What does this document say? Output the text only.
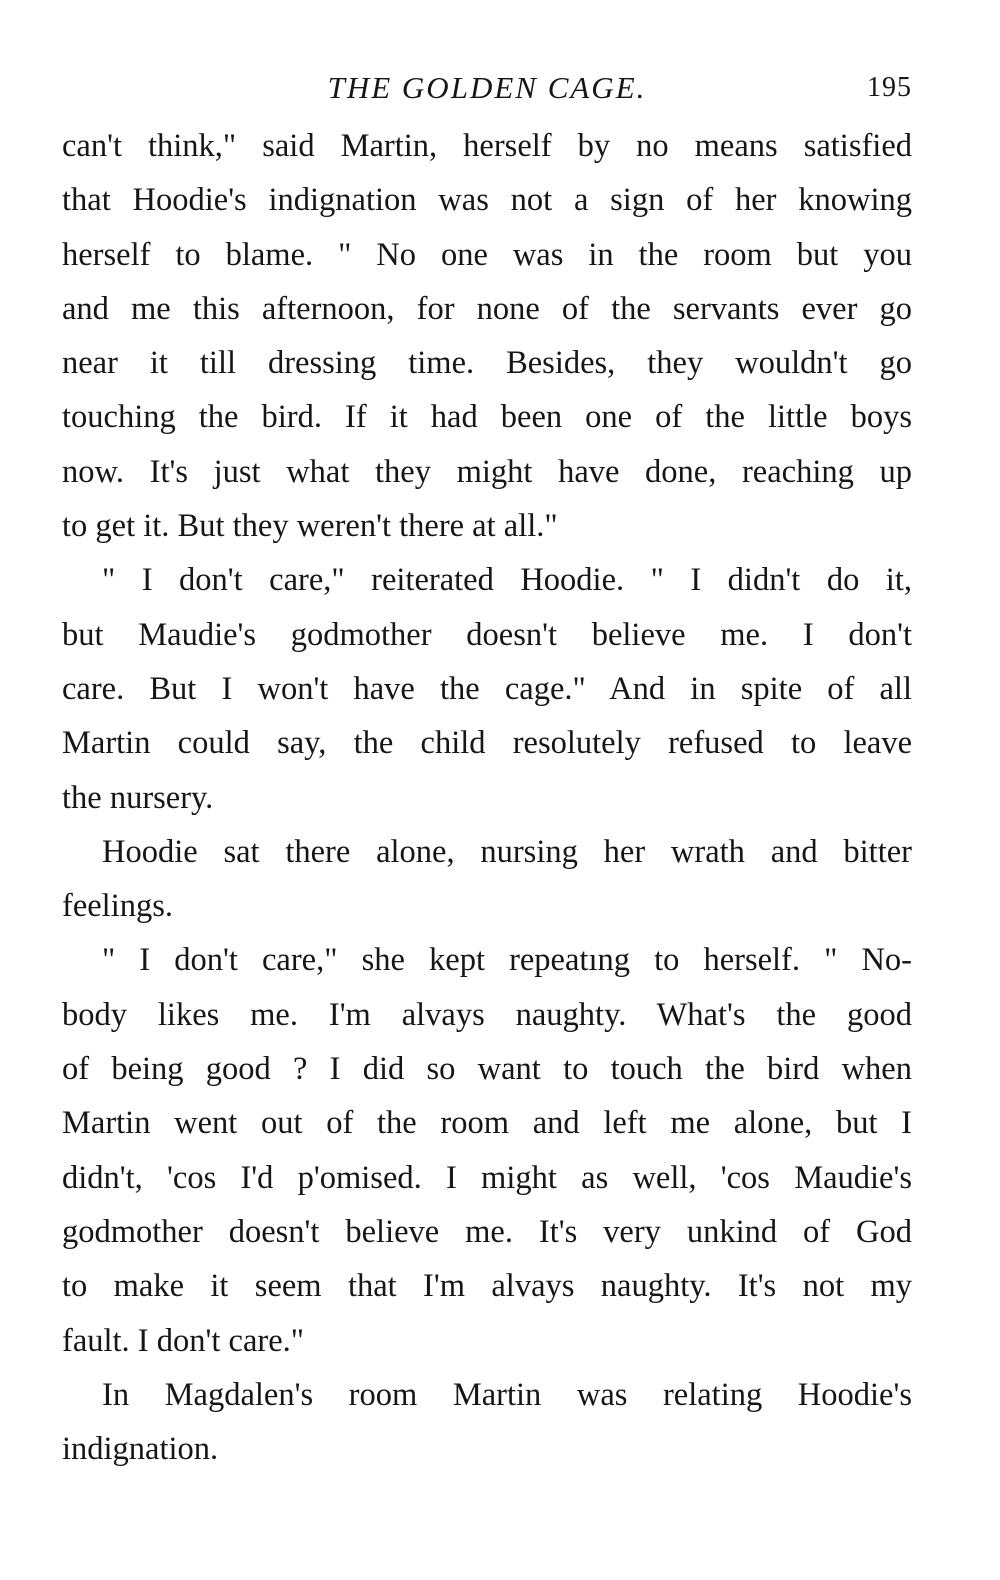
THE GOLDEN CAGE.	195
can't think," said Martin, herself by no means satisfied
that Hoodie's indignation was not a sign of her knowing
herself to blame. " No one was in the room but you
and me this afternoon, for none of the servants ever go
near it till dressing time. Besides, they wouldn't go
touching the bird. If it had been one of the little boys
now. It's just what they might have done, reaching up
to get it. But they weren't there at all."
" I don't care," reiterated Hoodie. " I didn't do it,
but Maudie's godmother doesn't believe me. I don't
care. But I won't have the cage." And in spite of all
Martin could say, the child resolutely refused to leave
the nursery.
Hoodie sat there alone, nursing her wrath and bitter
feelings.
" I don't care," she kept repeatıng to herself. " No-
body likes me. I'm alvays naughty. What's the good
of being good ? I did so want to touch the bird when
Martin went out of the room and left me alone, but I
didn't, 'cos I'd p'omised. I might as well, 'cos Maudie's
godmother doesn't believe me. It's very unkind of God
to make it seem that I'm alvays naughty. It's not my
fault. I don't care."
In Magdalen's room Martin was relating Hoodie's
indignation.
